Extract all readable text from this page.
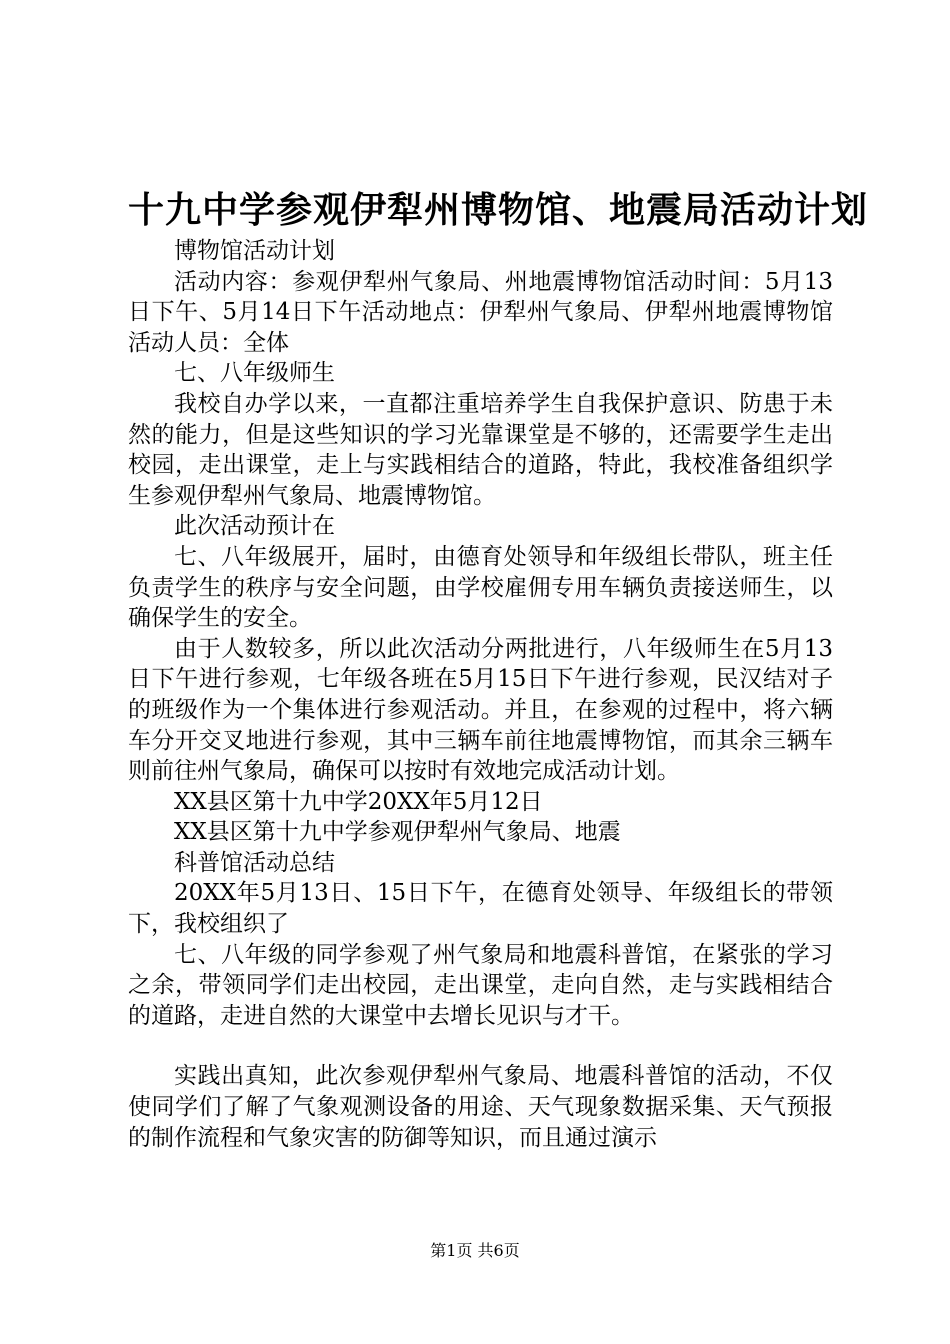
十九中学参观伊犁州博物馆、地震局活动计划

博物馆活动计划

活动内容：参观伊犁州气象局、州地震博物馆活动时间：5月13日下午、5月14日下午活动地点：伊犁州气象局、伊犁州地震博物馆活动人员：全体

七、八年级师生

我校自办学以来，一直都注重培养学生自我保护意识、防患于未然的能力，但是这些知识的学习光靠课堂是不够的，还需要学生走出校园，走出课堂，走上与实践相结合的道路，特此，我校准备组织学生参观伊犁州气象局、地震博物馆。

此次活动预计在

七、八年级展开，届时，由德育处领导和年级组长带队，班主任负责学生的秩序与安全问题，由学校雇佣专用车辆负责接送师生，以确保学生的安全。

由于人数较多，所以此次活动分两批进行，八年级师生在5月13日下午进行参观，七年级各班在5月15日下午进行参观，民汉结对子的班级作为一个集体进行参观活动。并且，在参观的过程中，将六辆车分开交叉地进行参观，其中三辆车前往地震博物馆，而其余三辆车则前往州气象局，确保可以按时有效地完成活动计划。

XX县区第十九中学20XX年5月12日

XX县区第十九中学参观伊犁州气象局、地震

科普馆活动总结

20XX年5月13日、15日下午，在德育处领导、年级组长的带领下，我校组织了

七、八年级的同学参观了州气象局和地震科普馆，在紧张的学习之余，带领同学们走出校园，走出课堂，走向自然，走与实践相结合的道路，走进自然的大课堂中去增长见识与才干。

实践出真知，此次参观伊犁州气象局、地震科普馆的活动，不仅使同学们了解了气象观测设备的用途、天气现象数据采集、天气预报的制作流程和气象灾害的防御等知识，而且通过演示

第1页 共6页
